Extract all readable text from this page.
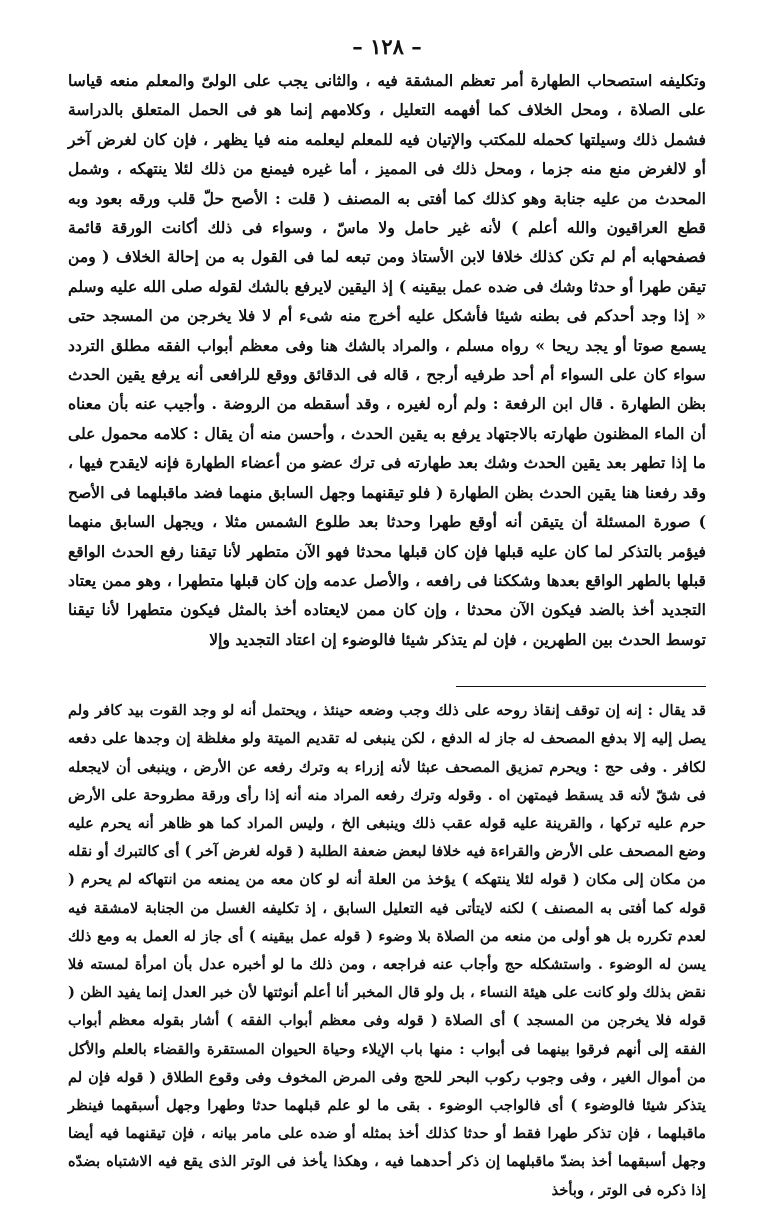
– ١٢٨ –

وتكليفه استصحاب الطهارة أمر تعظم المشقة فيه ، والثانى يجب على الولىّ والمعلم منعه قياسا على الصلاة ، ومحل الخلاف كما أفهمه التعليل ، وكلامهم إنما هو فى الحمل المتعلق بالدراسة فشمل ذلك وسيلتها كحمله للمكتب والإتيان فيه للمعلم ليعلمه منه فيا يظهر ، فإن كان لغرض آخر أو لالغرض منع منه جزما ، ومحل ذلك فى المميز ، أما غيره فيمنع من ذلك لئلا ينتهكه ، وشمل المحدث من عليه جنابة وهو كذلك كما أفتى به المصنف ( قلت : الأصح حلّ قلب ورقه بعود وبه قطع العراقيون والله أعلم ) لأنه غير حامل ولا ماسّ ، وسواء فى ذلك أكانت الورقة قائمة فصفحهابه أم لم تكن كذلك خلافا لابن الأستاذ ومن تبعه لما فى القول به من إحالة الخلاف ( ومن تيقن طهرا أو حدثا وشك فى ضده عمل بيقينه ) إذ اليقين لايرفع بالشك لقوله صلى الله عليه وسلم « إذا وجد أحدكم فى بطنه شيئا فأشكل عليه أخرج منه شىء أم لا فلا يخرجن من المسجد حتى يسمع صوتا أو يجد ريحا » رواه مسلم ، والمراد بالشك هنا وفى معظم أبواب الفقه مطلق التردد سواء كان على السواء أم أحد طرفيه أرجح ، قاله فى الدقائق ووقع للرافعى أنه يرفع يقين الحدث بظن الطهارة . قال ابن الرفعة : ولم أره لغيره ، وقد أسقطه من الروضة . وأجيب عنه بأن معناه أن الماء المظنون طهارته بالاجتهاد يرفع به يقين الحدث ، وأحسن منه أن يقال : كلامه محمول على ما إذا تطهر بعد يقين الحدث وشك بعد طهارته فى ترك عضو من أعضاء الطهارة فإنه لايقدح فيها ، وقد رفعنا هنا يقين الحدث بظن الطهارة ( فلو تيقنهما وجهل السابق منهما فضد ماقبلهما فى الأصح ) صورة المسئلة أن يتيقن أنه أوقع طهرا وحدثا بعد طلوع الشمس مثلا ، ويجهل السابق منهما فيؤمر بالتذكر لما كان عليه قبلها فإن كان قبلها محدثا فهو الآن متطهر لأنا تيقنا رفع الحدث الواقع قبلها بالطهر الواقع بعدها وشككنا فى رافعه ، والأصل عدمه وإن كان قبلها متطهرا ، وهو ممن يعتاد التجديد أخذ بالضد فيكون الآن محدثا ، وإن كان ممن لايعتاده أخذ بالمثل فيكون متطهرا لأنا تيقنا توسط الحدث بين الطهرين ، فإن لم يتذكر شيئا فالوضوء إن اعتاد التجديد وإلا

قد يقال : إنه إن توقف إنقاذ روحه على ذلك وجب وضعه حينئذ ، ويحتمل أنه لو وجد القوت بيد كافر ولم يصل إليه إلا بدفع المصحف له جاز له الدفع ، لكن ينبغى له تقديم الميتة ولو مغلظة إن وجدها على دفعه لكافر . وفى حج : ويحرم تمزيق المصحف عبثا لأنه إزراء به وترك رفعه عن الأرض ، وينبغى أن لايجعله فى شقّ لأنه قد يسقط فيمتهن اه . وقوله وترك رفعه المراد منه أنه إذا رأى ورقة مطروحة على الأرض حرم عليه تركها ، والقرينة عليه قوله عقب ذلك وينبغى الخ ، وليس المراد كما هو ظاهر أنه يحرم عليه وضع المصحف على الأرض والقراءة فيه خلافا لبعض ضعفة الطلبة ( قوله لغرض آخر ) أى كالتبرك أو نقله من مكان إلى مكان ( قوله لئلا ينتهكه ) يؤخذ من العلة أنه لو كان معه من يمنعه من انتهاكه لم يحرم ( قوله كما أفتى به المصنف ) لكنه لايتأتى فيه التعليل السابق ، إذ تكليفه الغسل من الجنابة لامشقة فيه لعدم تكرره بل هو أولى من منعه من الصلاة بلا وضوء ( قوله عمل بيقينه ) أى جاز له العمل به ومع ذلك يسن له الوضوء . واستشكله حج وأجاب عنه فراجعه ، ومن ذلك ما لو أخبره عدل بأن امرأة لمسته فلا نقض بذلك ولو كانت على هيئة النساء ، بل ولو قال المخبر أنا أعلم أنوثتها لأن خبر العدل إنما يفيد الظن ( قوله فلا يخرجن من المسجد ) أى الصلاة ( قوله وفى معظم أبواب الفقه ) أشار بقوله معظم أبواب الفقه إلى أنهم فرقوا بينهما فى أبواب : منها باب الإيلاء وحياة الحيوان المستقرة والقضاء بالعلم والأكل من أموال الغير ، وفى وجوب ركوب البحر للحج وفى المرض المخوف وفى وقوع الطلاق ( قوله فإن لم يتذكر شيئا فالوضوء ) أى فالواجب الوضوء . بقى ما لو علم قبلهما حدثا وطهرا وجهل أسبقهما فينظر ماقبلهما ، فإن تذكر طهرا فقط أو حدثا كذلك أخذ بمثله أو ضده على مامر بيانه ، فإن تيقنهما فيه أيضا وجهل أسبقهما أخذ بضدّ ماقبلهما إن ذكر أحدهما فيه ، وهكذا يأخذ فى الوتر الذى يقع فيه الاشتباه بضدّه إذا ذكره فى الوتر ، وبأخذ
